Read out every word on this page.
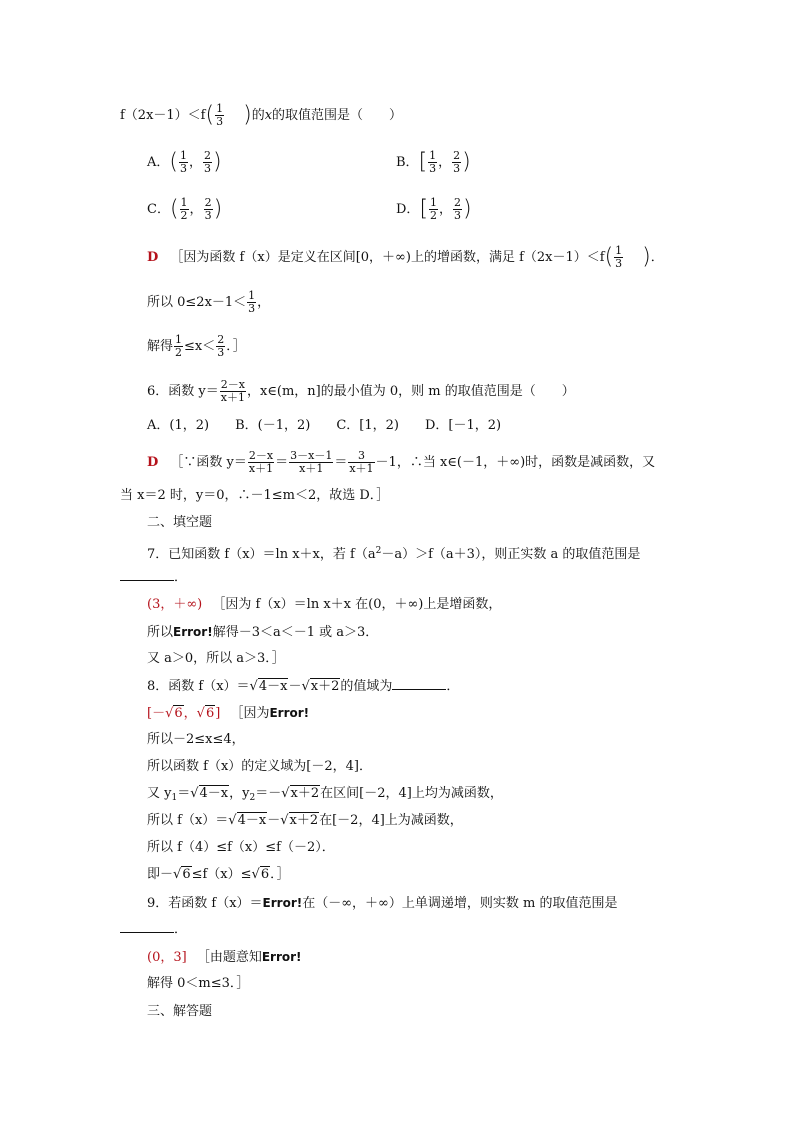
$f(2x-1)<f( \frac{1}{3}$ )的x的取值范围是（　　）
A．( $\frac{1}{3}$ ， $\frac{2}{3}$ )	B．[ $\frac{1}{3}$ ， $\frac{2}{3}$ )
C．( $\frac{1}{2}$ ， $\frac{2}{3}$ )	D．[ $\frac{1}{2}$ ， $\frac{2}{3}$ )
D ［因为函数 f（x）是定义在区间[0，＋∞)上的增函数，满足 $f(2x-1)<f( \frac{1}{3}$ )．
所以 $0\le 2x-1< \frac{1}{3}$ ，
解得 $\frac{1}{2} \le x< \frac{2}{3}$ ．］
6．函数 $y= \frac{2-x}{x+1}$ ，x∈(m，n]的最小值为 0，则 m 的取值范围是（　　）
A．(1，2)　　B．(－1，2)　　C．[1，2)　　D．[－1，2)
D ［∵函数 $y= \frac{2-x}{x+1} = \frac{3-x-1}{x+1} = \frac{3}{x+1} -1$，∴当 x∈(－1，＋∞)时，函数是减函数，又
当 x＝2 时，y＝0，∴－1≤m＜2，故选 D．］
二、填空题
7．已知函数 f（x）＝ln x＋x，若 $f(a^2-a)>f(a+3)$，则正实数 a 的取值范围是
．
(3，＋∞) ［因为 f（x）＝ln x＋x 在(0，＋∞)上是增函数，
所以Error!解得－3＜a＜－1 或 a＞3．
又 a＞0，所以 a＞3．］
8．函数 f（x）＝√4－x－√x＋2的值域为	．
[－√6，√6] ［因为Error!
所以－2≤x≤4，
所以函数 f（x）的定义域为[－2，4]．
又 $y_1=√4-x$，$y_2=-√x+2$在区间[－2，4]上均为减函数，
所以 f（x）＝√4－x－√x＋2在[－2，4]上为减函数，
所以 f（4）≤f（x）≤f（－2）．
即－√6≤f（x）≤√6．］
9．若函数 f（x）＝Error!在（－∞，＋∞）上单调递增，则实数 m 的取值范围是
．
(0，3] ［由题意知Error!
解得 0＜m≤3．］
三、解答题
